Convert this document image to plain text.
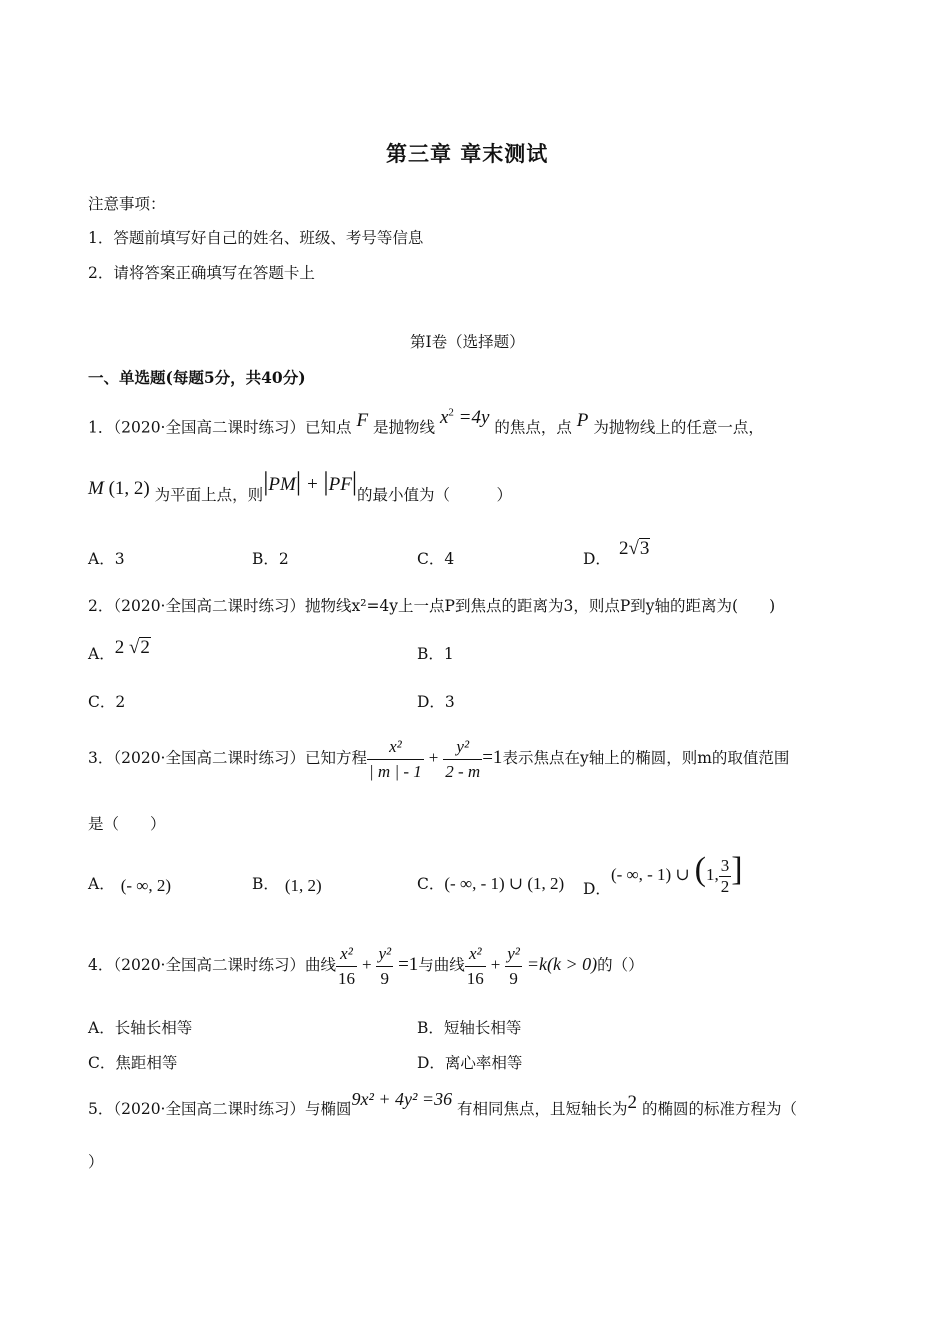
第三章 章末测试
注意事项：
1．答题前填写好自己的姓名、班级、考号等信息
2．请将答案正确填写在答题卡上
第I卷（选择题）
一、单选题(每题5分，共40分)
1．（2020·全国高二课时练习）已知点 F 是抛物线 $x^2 =4y$ 的焦点，点 P 为抛物线上的任意一点，
M (1, 2) 为平面上点，则|PM| + |PF|的最小值为（　　　）
A．3	B．2	C．4	D． 2√3
2．（2020·全国高二课时练习）抛物线x²=4y上一点P到焦点的距离为3，则点P到y轴的距离为(　　)
A．2 √2	B．1
C．2	D．3
3．（2020·全国高二课时练习）已知方程 $\frac{\text{x²}}{| m | - 1} + \frac{\text{y²}}{2 - m} =1$表示焦点在y轴上的椭圆，则m的取值范围
是（　　）
A． (- ∞, 2)	B． (1, 2)	C．(- ∞, - 1) ∪ (1, 2) D．(- ∞, - 1) ∪ (1, $\frac{3}{2}$ ]
4．（2020·全国高二课时练习）曲线 $\frac{\text{x²}}{16} + \frac{\text{y²}}{9} =1$与曲线 $\frac{\text{x²}}{16} + \frac{\text{y²}}{9} =k(k > 0)$的（）
A．长轴长相等	B．短轴长相等
C．焦距相等	D．离心率相等
5．（2020·全国高二课时练习）与椭圆9x² + 4y² =36 有相同焦点，且短轴长为2 的椭圆的标准方程为（
）
